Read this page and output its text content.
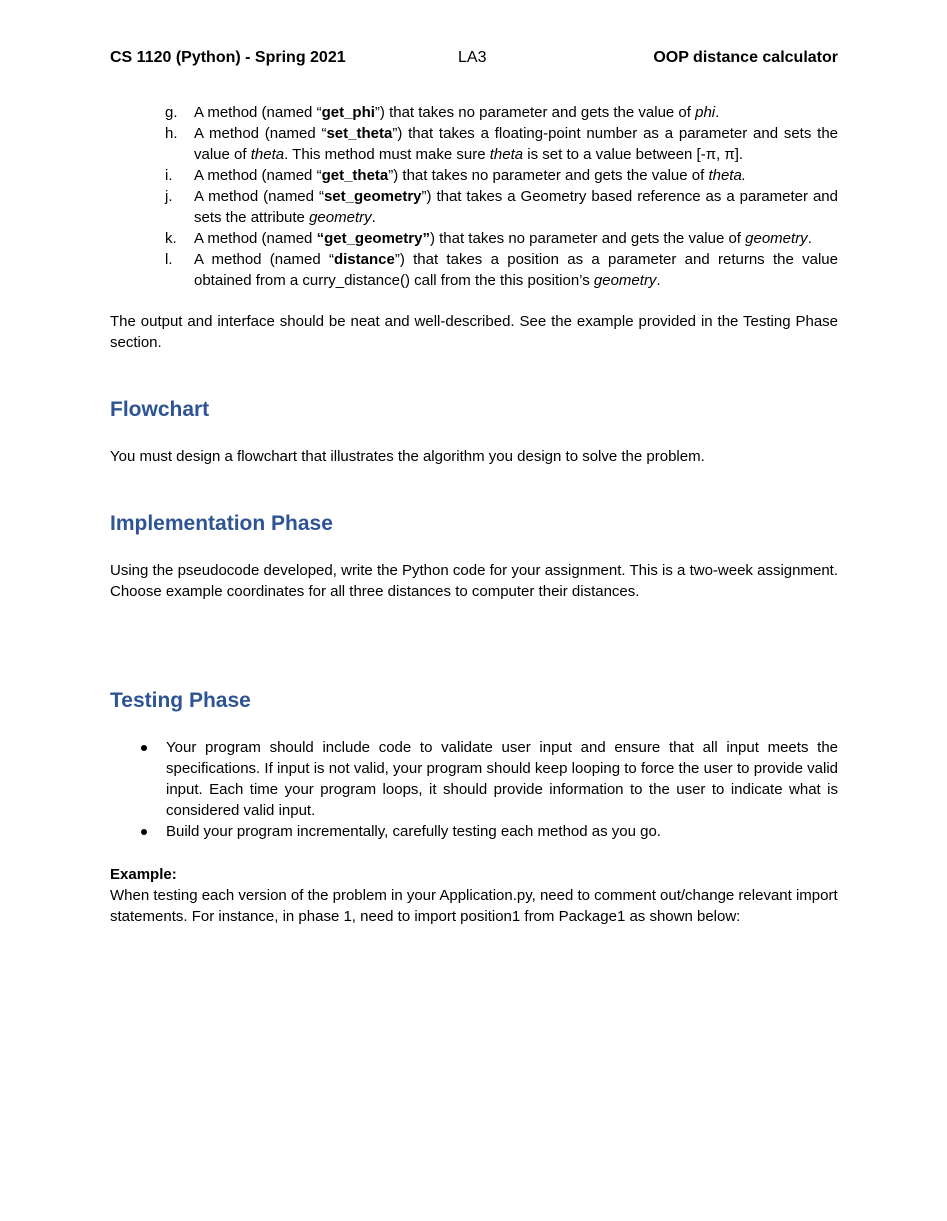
CS 1120 (Python) - Spring 2021	LA3	OOP distance calculator
g. A method (named “get_phi”) that takes no parameter and gets the value of phi.
h. A method (named “set_theta”) that takes a floating-point number as a parameter and sets the value of theta. This method must make sure theta is set to a value between [-π, π].
i. A method (named “get_theta”) that takes no parameter and gets the value of theta.
j. A method (named “set_geometry”) that takes a Geometry based reference as a parameter and sets the attribute geometry.
k. A method (named “get_geometry”) that takes no parameter and gets the value of geometry.
l. A method (named “distance”) that takes a position as a parameter and returns the value obtained from a curry_distance() call from the this position’s geometry.
The output and interface should be neat and well-described. See the example provided in the Testing Phase section.
Flowchart
You must design a flowchart that illustrates the algorithm you design to solve the problem.
Implementation Phase
Using the pseudocode developed, write the Python code for your assignment. This is a two-week assignment. Choose example coordinates for all three distances to computer their distances.
Testing Phase
Your program should include code to validate user input and ensure that all input meets the specifications. If input is not valid, your program should keep looping to force the user to provide valid input. Each time your program loops, it should provide information to the user to indicate what is considered valid input.
Build your program incrementally, carefully testing each method as you go.
Example:
When testing each version of the problem in your Application.py, need to comment out/change relevant import statements. For instance, in phase 1, need to import position1 from Package1 as shown below:
